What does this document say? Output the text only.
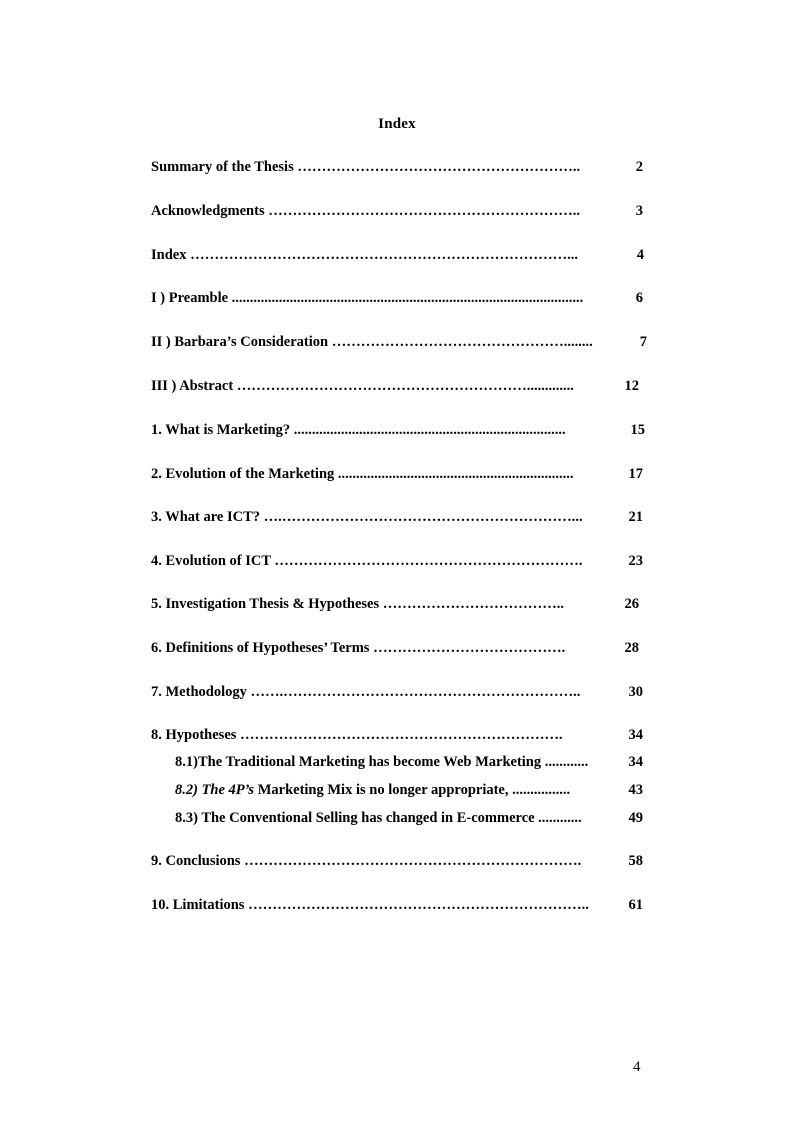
Index
Summary of the Thesis …………………………………………………..	2
Acknowledgments ………………………………………………………..	3
Index ……………………………………………………………………...	4
I ) Preamble .................................................................................................	6
II ) Barbara’s Consideration …………………………………………........	7
III ) Abstract …………………………………………………….............	12
1. What is Marketing? ...........................................................................	15
2. Evolution of the Marketing .................................................................	17
3. What are ICT? ….……………………………………………………...	21
4. Evolution of ICT ……………………………………………………….	23
5. Investigation Thesis & Hypotheses ………………………………..	26
6. Definitions of Hypotheses’ Terms ………………………………….	28
7. Methodology …….……………………………………………………..	30
8. Hypotheses ………………………………………………………….	34
8.1)The Traditional Marketing has become Web Marketing ............	34
8.2) The 4P’s Marketing Mix is no longer appropriate, ................	43
8.3) The Conventional Selling has changed in E-commerce ............	49
9. Conclusions …………………………………………………………….	58
10. Limitations ……………………………………………………………..	61
4
